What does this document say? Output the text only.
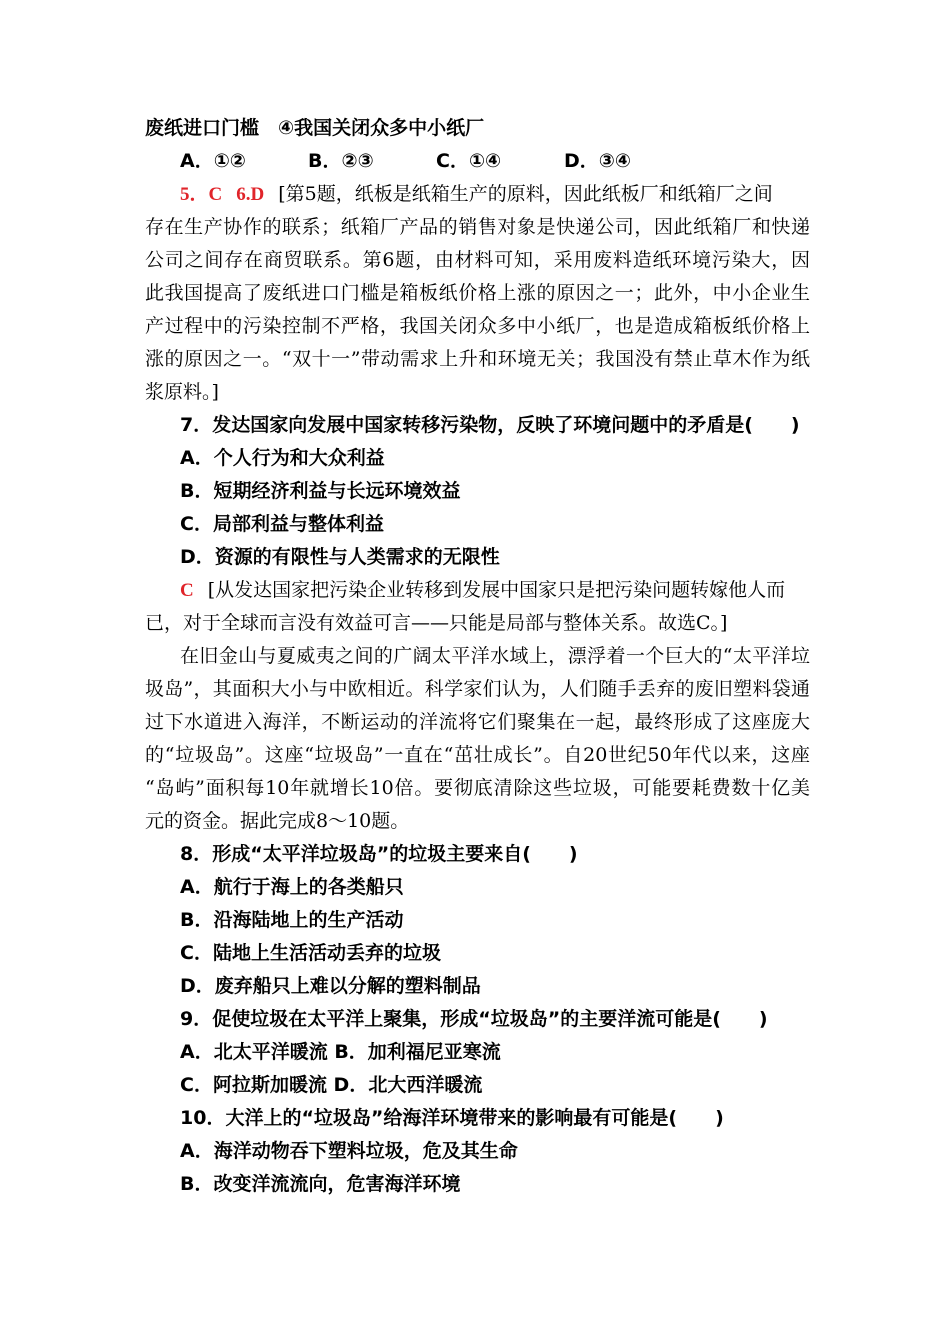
废纸进口门槛　④我国关闭众多中小纸厂
A．①②	B．②③	C．①④	D．③④
5．C 6.D [第5题，纸板是纸箱生产的原料，因此纸板厂和纸箱厂之间
存在生产协作的联系；纸箱厂产品的销售对象是快递公司，因此纸箱厂和快递
公司之间存在商贸联系。第6题，由材料可知，采用废料造纸环境污染大，因
此我国提高了废纸进口门槛是箱板纸价格上涨的原因之一；此外，中小企业生
产过程中的污染控制不严格，我国关闭众多中小纸厂，也是造成箱板纸价格上
涨的原因之一。“双十一”带动需求上升和环境无关；我国没有禁止草木作为纸
浆原料。]
7．发达国家向发展中国家转移污染物，反映了环境问题中的矛盾是(　　)
A．个人行为和大众利益
B．短期经济利益与长远环境效益
C．局部利益与整体利益
D．资源的有限性与人类需求的无限性
C [从发达国家把污染企业转移到发展中国家只是把污染问题转嫁他人而
已，对于全球而言没有效益可言——只能是局部与整体关系。故选C。]
在旧金山与夏威夷之间的广阔太平洋水域上，漂浮着一个巨大的“太平洋垃
圾岛”，其面积大小与中欧相近。科学家们认为，人们随手丢弃的废旧塑料袋通
过下水道进入海洋，不断运动的洋流将它们聚集在一起，最终形成了这座庞大
的“垃圾岛”。这座“垃圾岛”一直在“茁壮成长”。自20世纪50年代以来，这座
“岛屿”面积每10年就增长10倍。要彻底清除这些垃圾，可能要耗费数十亿美
元的资金。据此完成8～10题。
8．形成“太平洋垃圾岛”的垃圾主要来自(　　)
A．航行于海上的各类船只
B．沿海陆地上的生产活动
C．陆地上生活活动丢弃的垃圾
D．废弃船只上难以分解的塑料制品
9．促使垃圾在太平洋上聚集，形成“垃圾岛”的主要洋流可能是(　　)
A．北太平洋暖流 B．加利福尼亚寒流
C．阿拉斯加暖流 D．北大西洋暖流
10．大洋上的“垃圾岛”给海洋环境带来的影响最有可能是(　　)
A．海洋动物吞下塑料垃圾，危及其生命
B．改变洋流流向，危害海洋环境
